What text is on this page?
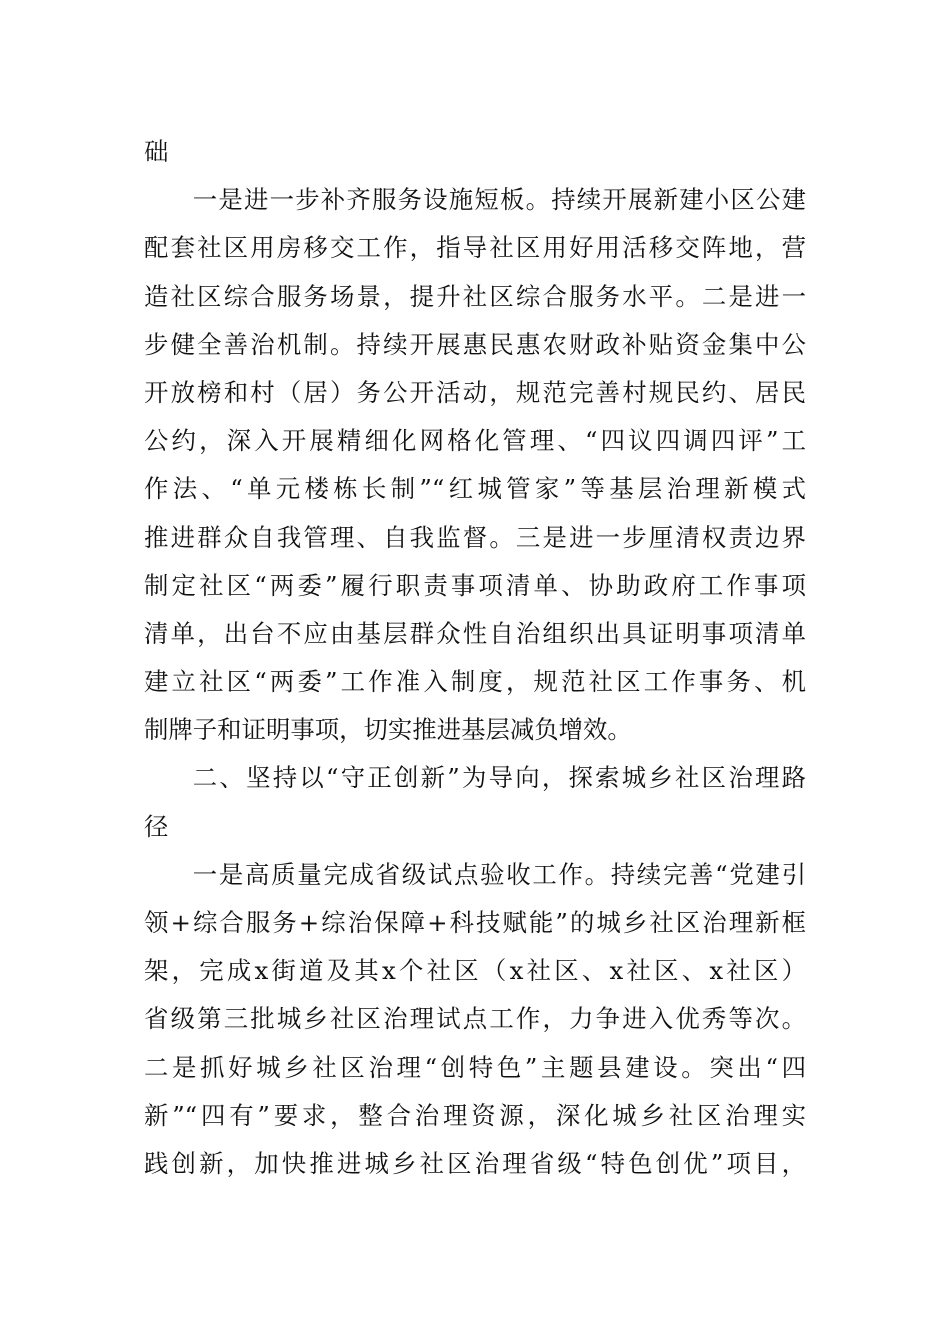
础
一是进一步补齐服务设施短板。持续开展新建小区公建
配套社区用房移交工作，指导社区用好用活移交阵地，营
造社区综合服务场景，提升社区综合服务水平。二是进一
步健全善治机制。持续开展惠民惠农财政补贴资金集中公
开放榜和村（居）务公开活动，规范完善村规民约、居民
公约，深入开展精细化网格化管理、“四议四调四评”工
作法、“单元楼栋长制”“红城管家”等基层治理新模式
推进群众自我管理、自我监督。三是进一步厘清权责边界
制定社区“两委”履行职责事项清单、协助政府工作事项
清单，出台不应由基层群众性自治组织出具证明事项清单
建立社区“两委”工作准入制度，规范社区工作事务、机
制牌子和证明事项，切实推进基层减负增效。
二、坚持以“守正创新”为导向，探索城乡社区治理路
径
一是高质量完成省级试点验收工作。持续完善“党建引
领+综合服务+综治保障+科技赋能”的城乡社区治理新框
架，完成x街道及其x个社区（x社区、x社区、x社区）
省级第三批城乡社区治理试点工作，力争进入优秀等次。
二是抓好城乡社区治理“创特色”主题县建设。突出“四
新”“四有”要求，整合治理资源，深化城乡社区治理实
践创新，加快推进城乡社区治理省级“特色创优”项目，
